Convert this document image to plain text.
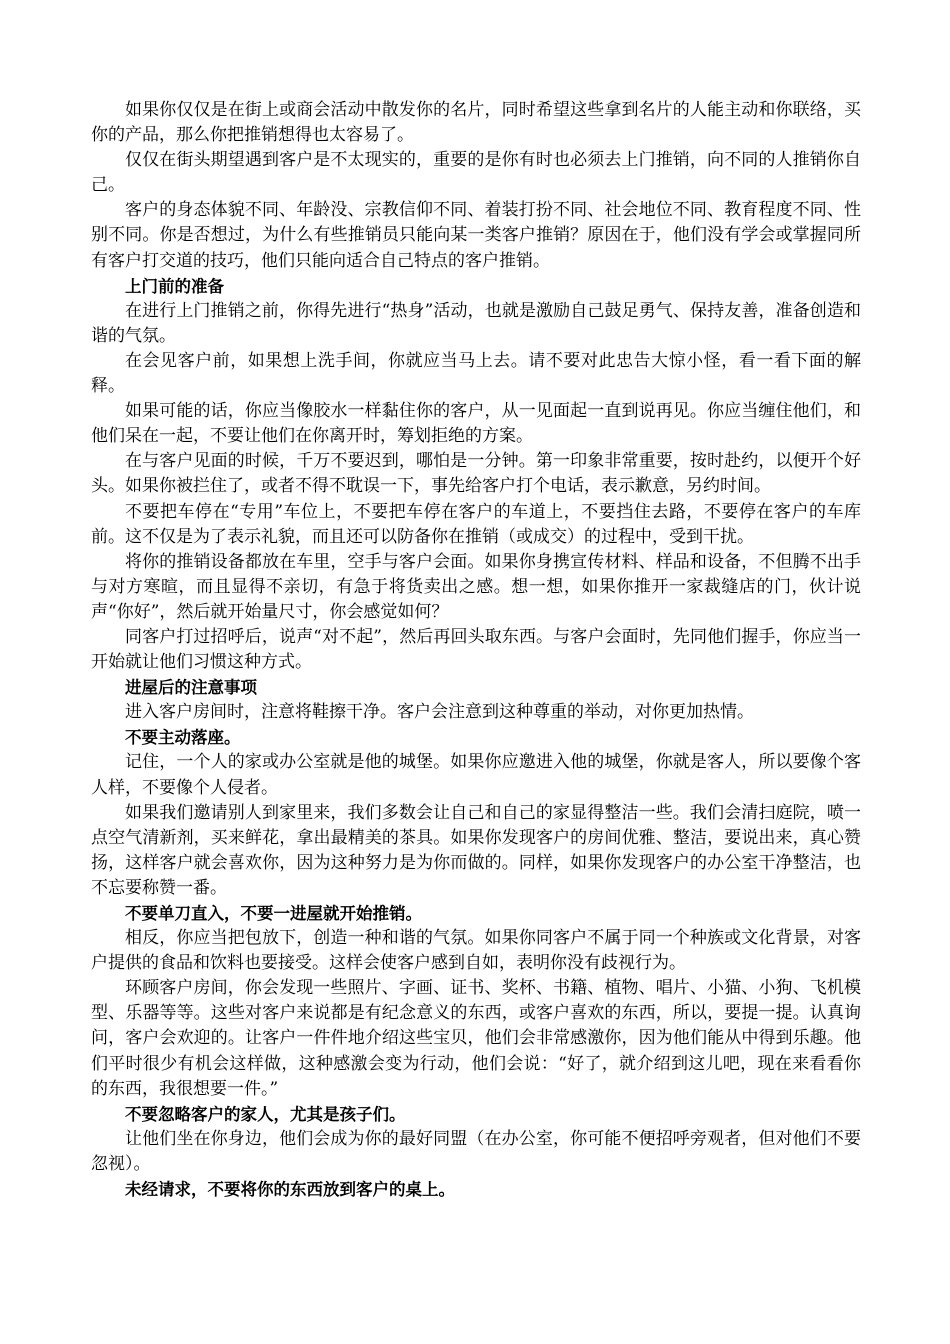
如果你仅仅是在街上或商会活动中散发你的名片，同时希望这些拿到名片的人能主动和你联络，买你的产品，那么你把推销想得也太容易了。

仅仅在街头期望遇到客户是不太现实的，重要的是你有时也必须去上门推销，向不同的人推销你自己。

客户的身态体貌不同、年龄没、宗教信仰不同、着装打扮不同、社会地位不同、教育程度不同、性别不同。你是否想过，为什么有些推销员只能向某一类客户推销？原因在于，他们没有学会或掌握同所有客户打交道的技巧，他们只能向适合自己特点的客户推销。

上门前的准备

在进行上门推销之前，你得先进行“热身”活动，也就是激励自己鼓足勇气、保持友善，准备创造和谐的气氛。

在会见客户前，如果想上洗手间，你就应当马上去。请不要对此忠告大惊小怪，看一看下面的解释。

如果可能的话，你应当像胶水一样黏住你的客户，从一见面起一直到说再见。你应当缠住他们，和他们呆在一起，不要让他们在你离开时，筹划拒绝的方案。

在与客户见面的时候，千万不要迟到，哪怕是一分钟。第一印象非常重要，按时赴约，以便开个好头。如果你被拦住了，或者不得不耽误一下，事先给客户打个电话，表示歉意，另约时间。

不要把车停在“专用”车位上，不要把车停在客户的车道上，不要挡住去路，不要停在客户的车库前。这不仅是为了表示礼貌，而且还可以防备你在推销（或成交）的过程中，受到干扰。

将你的推销设备都放在车里，空手与客户会面。如果你身携宣传材料、样品和设备，不但腾不出手与对方寒暄，而且显得不亲切，有急于将货卖出之感。想一想，如果你推开一家裁缝店的门，伙计说声“你好”，然后就开始量尺寸，你会感觉如何？

同客户打过招呼后，说声“对不起”，然后再回头取东西。与客户会面时，先同他们握手，你应当一开始就让他们习惯这种方式。

进屋后的注意事项

进入客户房间时，注意将鞋擦干净。客户会注意到这种尊重的举动，对你更加热情。

不要主动落座。

记住，一个人的家或办公室就是他的城堡。如果你应邀进入他的城堡，你就是客人，所以要像个客人样，不要像个人侵者。

如果我们邀请别人到家里来，我们多数会让自己和自己的家显得整洁一些。我们会清扫庭院，喷一点空气清新剂，买来鲜花，拿出最精美的茶具。如果你发现客户的房间优雅、整洁，要说出来，真心赞扬，这样客户就会喜欢你，因为这种努力是为你而做的。同样，如果你发现客户的办公室干净整洁，也不忘要称赞一番。

不要单刀直入，不要一进屋就开始推销。

相反，你应当把包放下，创造一种和谐的气氛。如果你同客户不属于同一个种族或文化背景，对客户提供的食品和饮料也要接受。这样会使客户感到自如，表明你没有歧视行为。

环顾客户房间，你会发现一些照片、字画、证书、奖杯、书籍、植物、唱片、小猫、小狗、飞机模型、乐器等等。这些对客户来说都是有纪念意义的东西，或客户喜欢的东西，所以，要提一提。认真询问，客户会欢迎的。让客户一件件地介绍这些宝贝，他们会非常感激你，因为他们能从中得到乐趣。他们平时很少有机会这样做，这种感激会变为行动，他们会说：“好了，就介绍到这儿吧，现在来看看你的东西，我很想要一件。”

不要忽略客户的家人，尤其是孩子们。

让他们坐在你身边，他们会成为你的最好同盟（在办公室，你可能不便招呼旁观者，但对他们不要忽视）。

未经请求，不要将你的东西放到客户的桌上。
